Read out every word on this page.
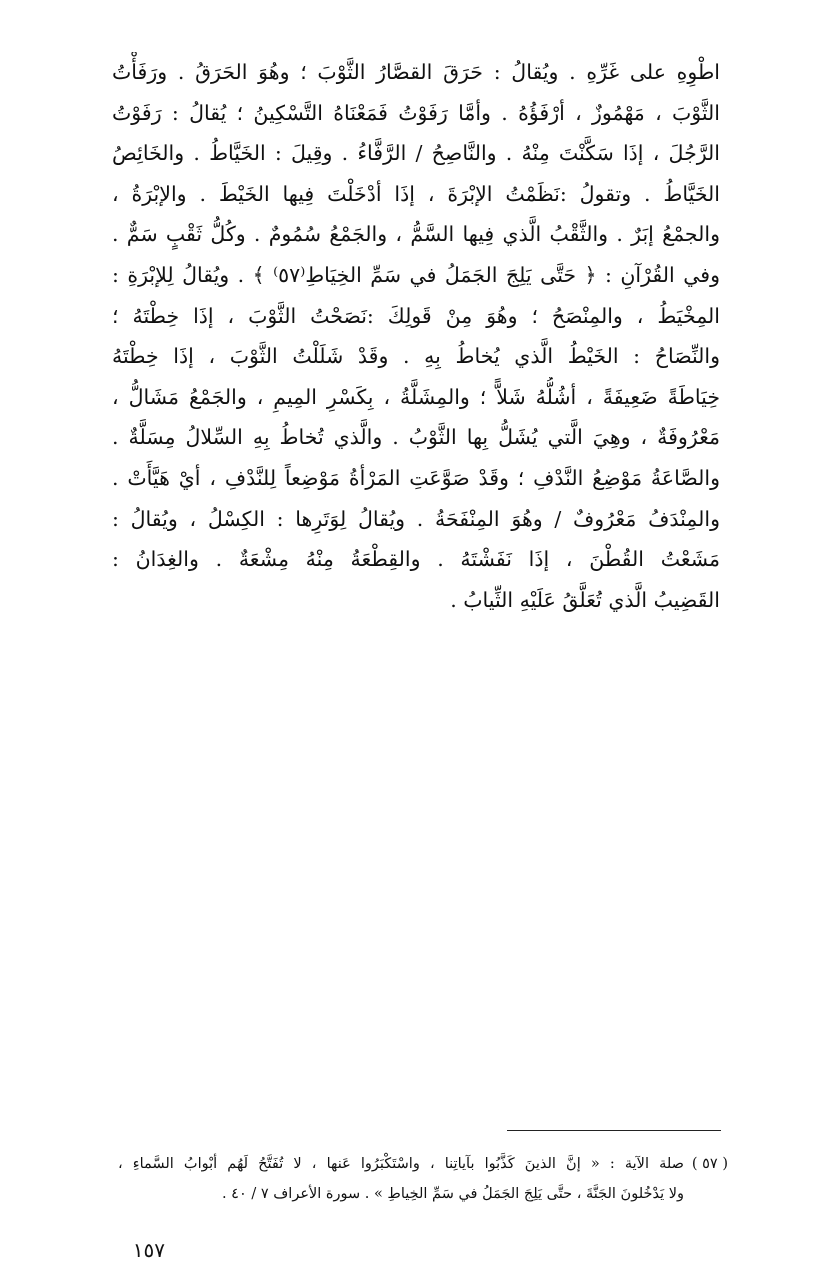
اطْوِهِ على غَرِّهِ . ويُقالُ : حَرَقَ القصَّارُ الثَّوْبَ ؛ وهُوَ الحَرَقُ . ورَفَأْتُ
الثَّوْبَ ، مَهْمُوزٌ ، أرْفَؤُهُ . وأمَّا رَفَوْتُ فَمَعْنَاهُ التَّسْكِينُ ؛ يُقالُ : رَفَوْتُ
الرَّجُلَ ، إذَا سَكَّنْتَ مِنْهُ . والنَّاصِحُ / الرَّفَّاءُ . وقِيلَ : الخَيَّاطُ . والخَائِصُ
الخَيَّاطُ . وتقولُ :نَظَمْتُ الإبْرَةَ ، إذَا أدْخَلْتَ فِيها الخَيْطَ . والإبْرَةُ ،
والجمْعُ إبَرٌ . والثَّقْبُ الَّذي فِيها السَّمُّ ، والجَمْعُ سُمُومٌ . وكُلُّ ثَقْبٍ سَمٌّ .
وفي القُرْآنِ : ﴿ حَتَّى يَلِجَ الجَمَلُ في سَمِّ الخِيَاطِ⁽٥٧⁾ ﴾ . ويُقالُ لِلإبْرَةِ :
المِخْيَطُ ، والمِنْصَحُ ؛ وهُوَ مِنْ قَولِكَ :نَصَحْتُ الثَّوْبَ ، إذَا خِطْتَهُ ؛
والنِّصَاحُ : الخَيْطُ الَّذي يُخاطُ بِهِ . وقَدْ شَلَلْتُ الثَّوْبَ ، إذَا خِطْتَهُ
خِيَاطَةً ضَعِيفَةً ، أشُلُّهُ شَلاًّ ؛ والمِشَلَّةُ ، بِكَسْرِ المِيمِ ، والجَمْعُ مَشَالُّ ،
مَعْرُوفَةٌ ، وهِيَ الَّتي يُشَلُّ بِها الثَّوْبُ . والَّذي تُخاطُ بِهِ السِّلالُ مِسَلَّةٌ .
والصَّاعَةُ مَوْضِعُ النَّدْفِ ؛ وقَدْ صَوَّعَتِ المَرْأةُ مَوْضِعاً لِلنَّدْفِ ، أيْ هَيَّأَتْ .
والمِنْدَفُ مَعْرُوفٌ / وهُوَ المِنْفَحَةُ . ويُقالُ لِوَتَرِها : الكِسْلُ ، ويُقالُ :
مَشَعْتُ القُطْنَ ، إذَا نَفَشْتَهُ . والقِطْعَةُ مِنْهُ مِشْعَةٌ . والغِدَانُ :
القَضِيبُ الَّذي تُعَلَّقُ عَلَيْهِ الثِّيابُ .
( ٥٧ )
صلة الآية : « إنَّ الذينَ كَذَّبُوا بآياتِنا ، واسْتَكْبَرُوا عَنها ، لا تُفَتَّحُ لَهُم أبْوابُ السَّماءِ ،
ولا يَدْخُلونَ الجَنَّةَ ، حتَّى يَلِجَ الجَمَلُ في سَمِّ الخِياطِ » . سورة الأعراف ٧ / ٤٠ .
١٥٧
